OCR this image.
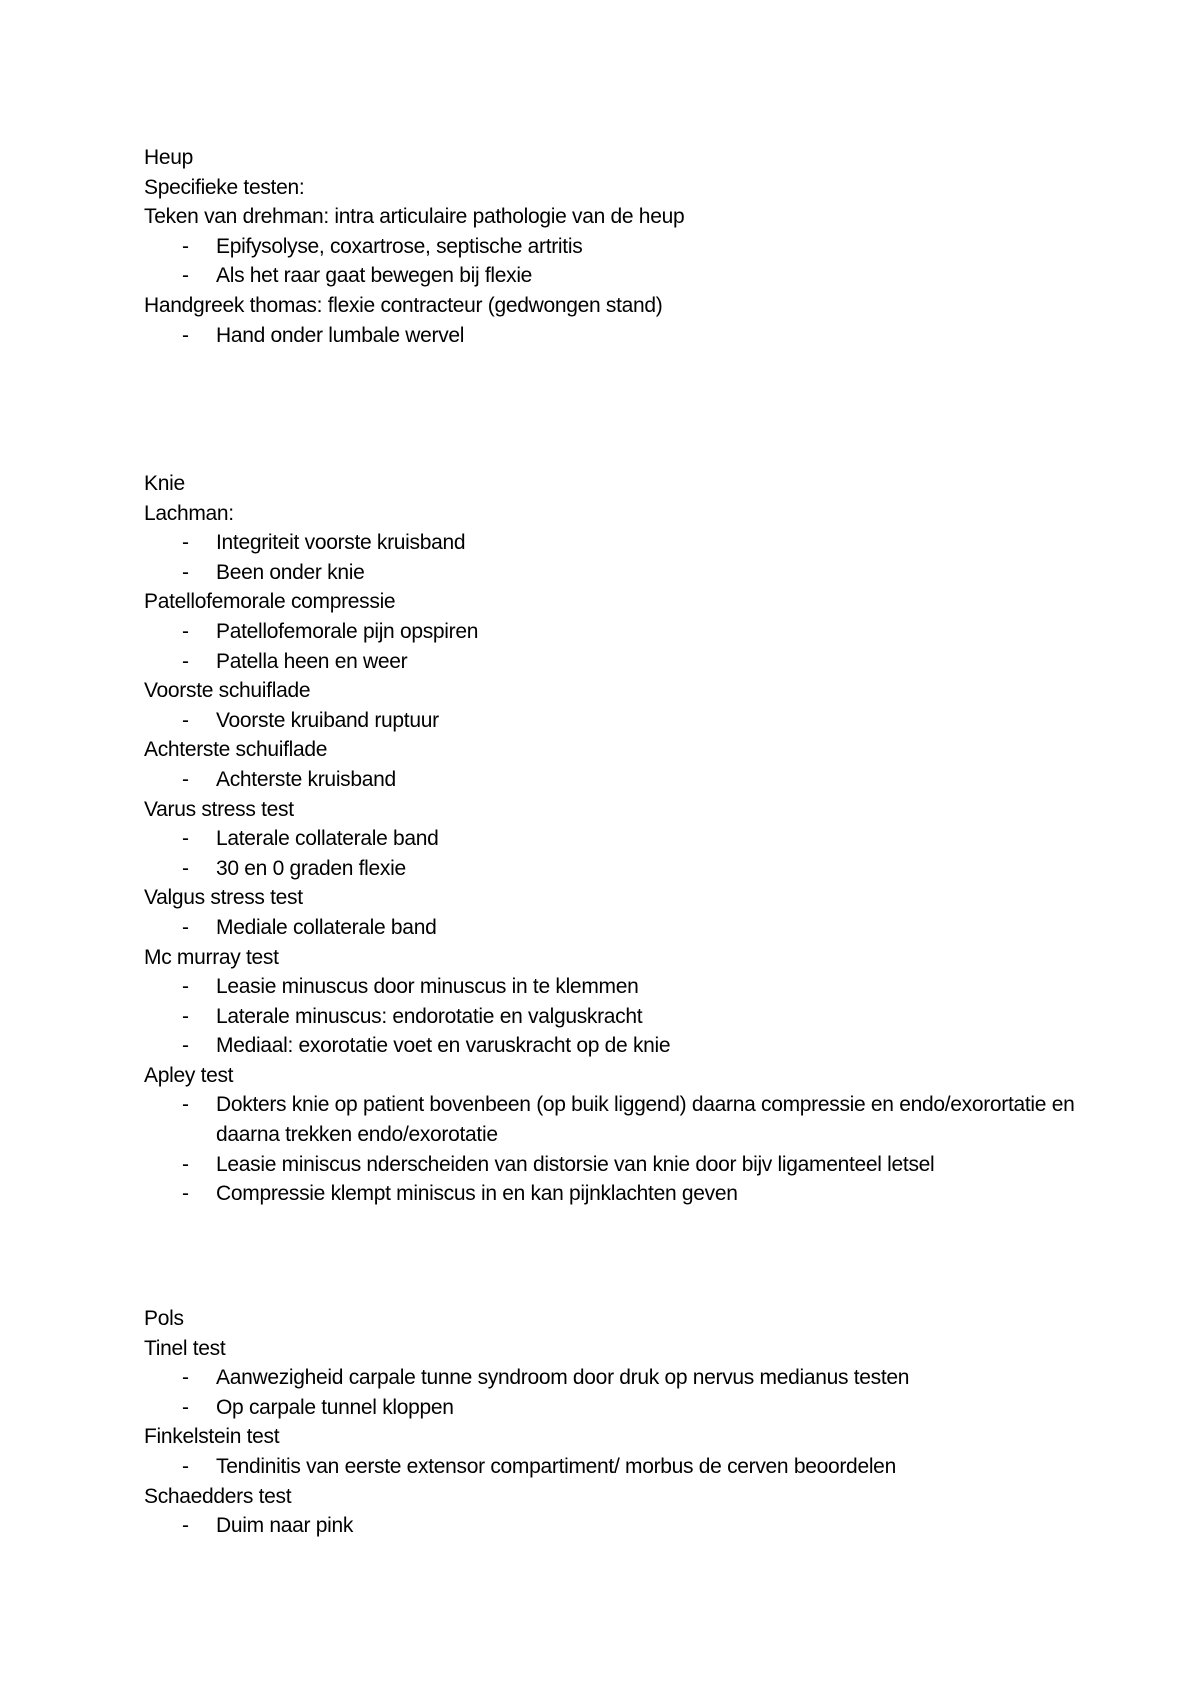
Heup
Specifieke testen:
Teken van drehman: intra articulaire pathologie van de heup
- Epifysolyse, coxartrose, septische artritis
- Als het raar gaat bewegen bij flexie
Handgreek thomas: flexie contracteur (gedwongen stand)
- Hand onder lumbale wervel
Knie
Lachman:
- Integriteit voorste kruisband
- Been onder knie
Patellofemorale compressie
- Patellofemorale pijn opspiren
- Patella heen en weer
Voorste schuiflade
- Voorste kruiband ruptuur
Achterste schuiflade
- Achterste kruisband
Varus stress test
- Laterale collaterale band
- 30 en 0 graden flexie
Valgus stress test
- Mediale collaterale band
Mc murray test
- Leasie minuscus door minuscus in te klemmen
- Laterale minuscus: endorotatie en valguskracht
- Mediaal: exorotatie voet en varuskracht op de knie
Apley test
- Dokters knie op patient bovenbeen (op buik liggend) daarna compressie en endo/exorortatie en daarna trekken endo/exorotatie
- Leasie miniscus nderscheiden van distorsie van knie door bijv ligamenteel letsel
- Compressie klempt miniscus in en kan pijnklachten geven
Pols
Tinel test
- Aanwezigheid carpale tunne syndroom door druk op nervus medianus testen
- Op carpale tunnel kloppen
Finkelstein test
- Tendinitis van eerste extensor compartiment/ morbus de cerven beoordelen
Schaedders test
- Duim naar pink
